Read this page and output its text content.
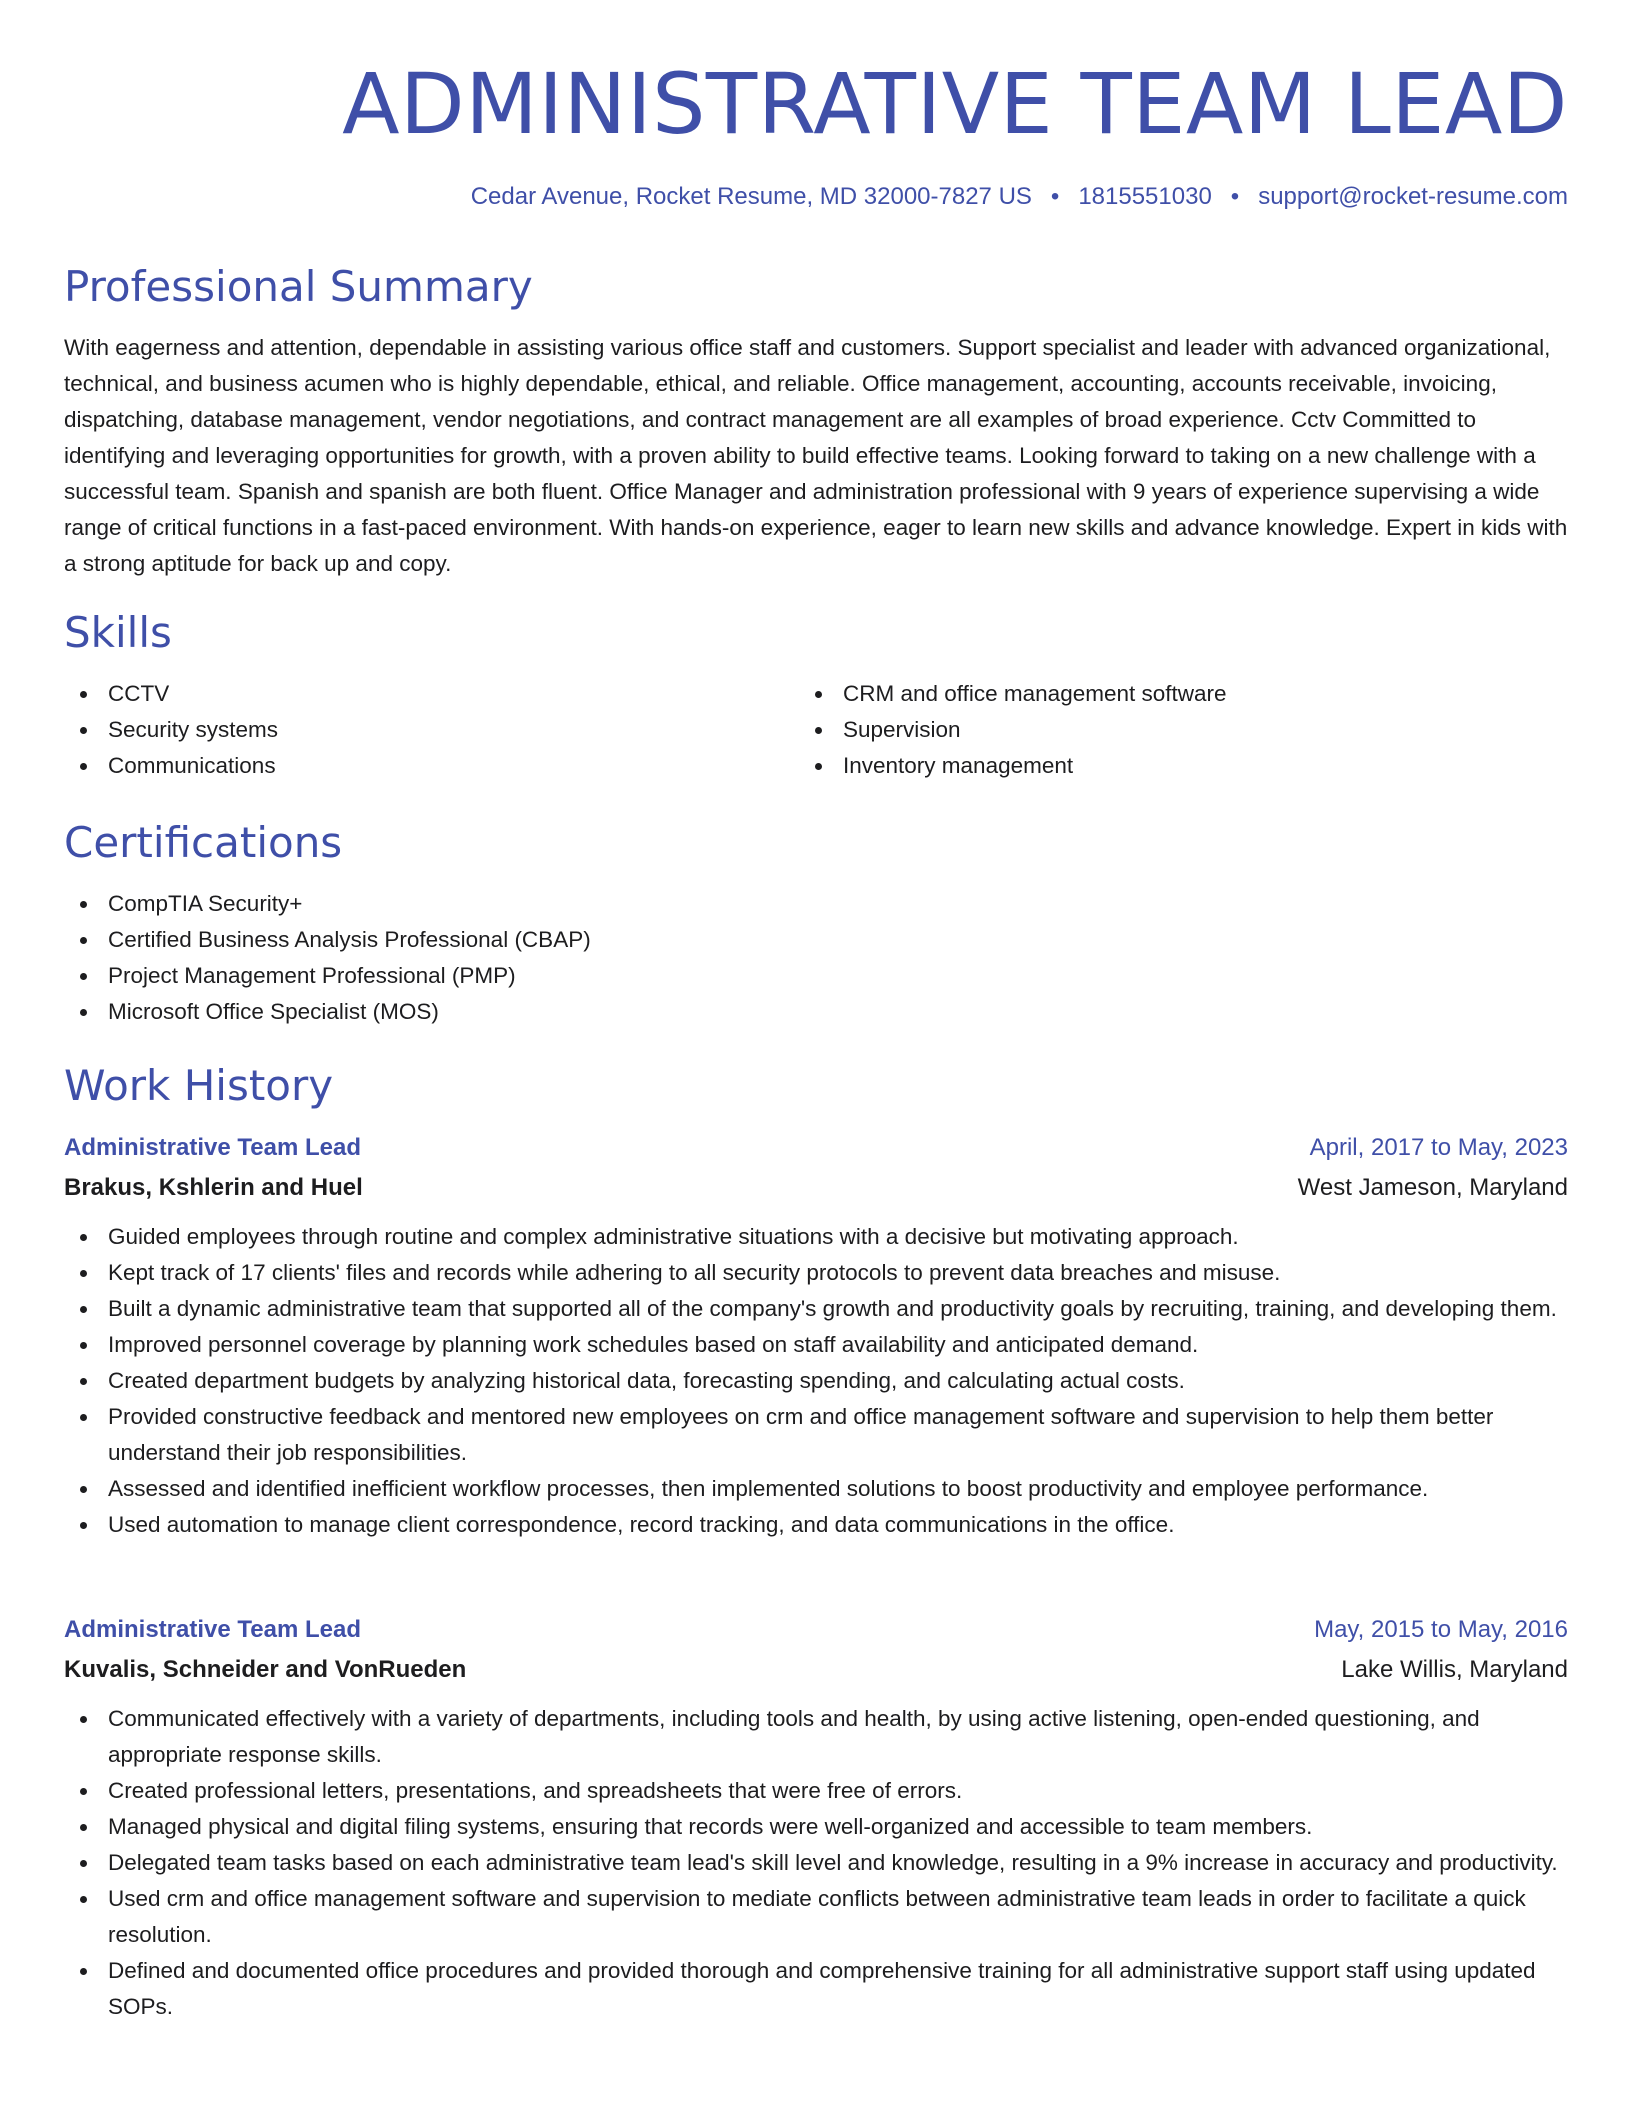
ADMINISTRATIVE TEAM LEAD
Cedar Avenue, Rocket Resume, MD 32000-7827 US • 1815551030 • support@rocket-resume.com
Professional Summary

With eagerness and attention, dependable in assisting various office staff and customers. Support specialist and leader with advanced organizational, technical, and business acumen who is highly dependable, ethical, and reliable. Office management, accounting, accounts receivable, invoicing, dispatching, database management, vendor negotiations, and contract management are all examples of broad experience. Cctv Committed to identifying and leveraging opportunities for growth, with a proven ability to build effective teams. Looking forward to taking on a new challenge with a successful team. Spanish and spanish are both fluent. Office Manager and administration professional with 9 years of experience supervising a wide range of critical functions in a fast-paced environment. With hands-on experience, eager to learn new skills and advance knowledge. Expert in kids with a strong aptitude for back up and copy.

Skills
CCTV
Security systems
Communications
CRM and office management software
Supervision
Inventory management
Certifications
CompTIA Security+
Certified Business Analysis Professional (CBAP)
Project Management Professional (PMP)
Microsoft Office Specialist (MOS)
Work History
Administrative Team Lead	April, 2017 to May, 2023
Brakus, Kshlerin and Huel	West Jameson, Maryland
Guided employees through routine and complex administrative situations with a decisive but motivating approach.
Kept track of 17 clients' files and records while adhering to all security protocols to prevent data breaches and misuse.
Built a dynamic administrative team that supported all of the company's growth and productivity goals by recruiting, training, and developing them.
Improved personnel coverage by planning work schedules based on staff availability and anticipated demand.
Created department budgets by analyzing historical data, forecasting spending, and calculating actual costs.
Provided constructive feedback and mentored new employees on crm and office management software and supervision to help them better understand their job responsibilities.
Assessed and identified inefficient workflow processes, then implemented solutions to boost productivity and employee performance.
Used automation to manage client correspondence, record tracking, and data communications in the office.
Administrative Team Lead	May, 2015 to May, 2016
Kuvalis, Schneider and VonRueden	Lake Willis, Maryland
Communicated effectively with a variety of departments, including tools and health, by using active listening, open-ended questioning, and appropriate response skills.
Created professional letters, presentations, and spreadsheets that were free of errors.
Managed physical and digital filing systems, ensuring that records were well-organized and accessible to team members.
Delegated team tasks based on each administrative team lead's skill level and knowledge, resulting in a 9% increase in accuracy and productivity.
Used crm and office management software and supervision to mediate conflicts between administrative team leads in order to facilitate a quick resolution.
Defined and documented office procedures and provided thorough and comprehensive training for all administrative support staff using updated SOPs.
